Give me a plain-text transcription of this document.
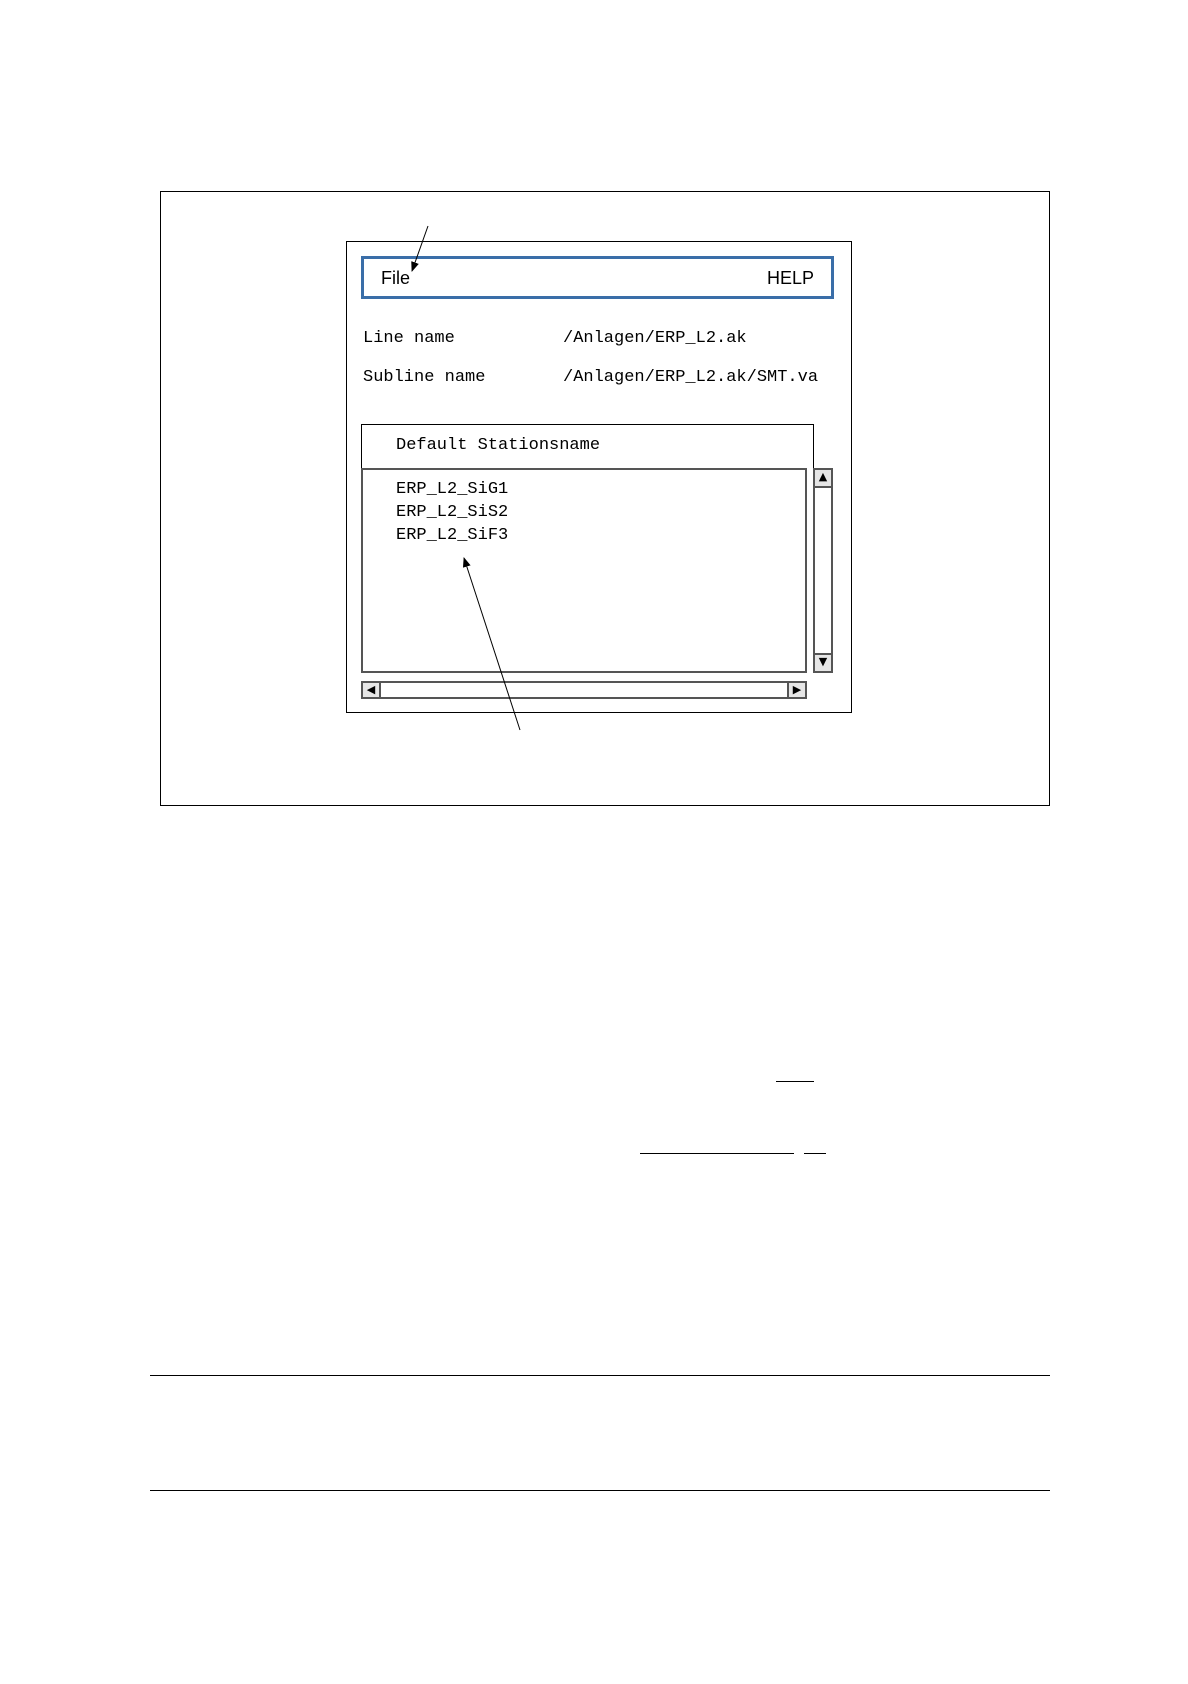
File	HELP
Line name	/Anlagen/ERP_L2.ak
Subline name	/Anlagen/ERP_L2.ak/SMT.va
Default Stationsname
ERP_L2_SiG1
ERP_L2_SiS2
ERP_L2_SiF3
▲
▼
◀	▶
